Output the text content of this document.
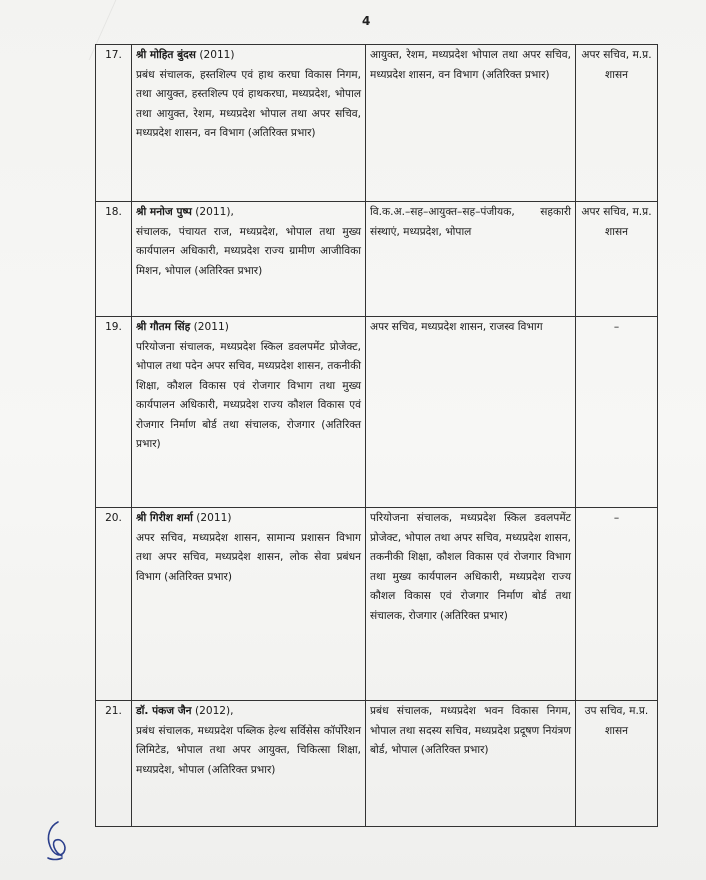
4
17.	श्री मोहित बुंदस (2011)
प्रबंध संचालक, हस्तशिल्प एवं हाथ करघा विकास निगम, तथा आयुक्त, हस्तशिल्प एवं हाथकरघा, मध्यप्रदेश, भोपाल तथा आयुक्त, रेशम, मध्यप्रदेश भोपाल तथा अपर सचिव, मध्यप्रदेश शासन, वन विभाग (अतिरिक्त प्रभार)	आयुक्त, रेशम, मध्यप्रदेश भोपाल तथा अपर सचिव, मध्यप्रदेश शासन, वन विभाग (अतिरिक्त प्रभार)	अपर सचिव, म.प्र. शासन
18.	श्री मनोज पुष्प (2011),
संचालक, पंचायत राज, मध्यप्रदेश, भोपाल तथा मुख्य कार्यपालन अधिकारी, मध्यप्रदेश राज्य ग्रामीण आजीविका मिशन, भोपाल (अतिरिक्त प्रभार)	वि.क.अ.–सह–आयुक्त–सह–पंजीयक, सहकारी संस्थाएं, मध्यप्रदेश, भोपाल	अपर सचिव, म.प्र. शासन
19.	श्री गौतम सिंह (2011)
परियोजना संचालक, मध्यप्रदेश स्किल डवलपमेंट प्रोजेक्ट, भोपाल तथा पदेन अपर सचिव, मध्यप्रदेश शासन, तकनीकी शिक्षा, कौशल विकास एवं रोजगार विभाग तथा मुख्य कार्यपालन अधिकारी, मध्यप्रदेश राज्य कौशल विकास एवं रोजगार निर्माण बोर्ड तथा संचालक, रोजगार (अतिरिक्त प्रभार)	अपर सचिव, मध्यप्रदेश शासन, राजस्व विभाग	–
20.	श्री गिरीश शर्मा (2011)
अपर सचिव, मध्यप्रदेश शासन, सामान्य प्रशासन विभाग तथा अपर सचिव, मध्यप्रदेश शासन, लोक सेवा प्रबंधन विभाग (अतिरिक्त प्रभार)	परियोजना संचालक, मध्यप्रदेश स्किल डवलपमेंट प्रोजेक्ट, भोपाल तथा अपर सचिव, मध्यप्रदेश शासन, तकनीकी शिक्षा, कौशल विकास एवं रोजगार विभाग तथा मुख्य कार्यपालन अधिकारी, मध्यप्रदेश राज्य कौशल विकास एवं रोजगार निर्माण बोर्ड तथा संचालक, रोजगार (अतिरिक्त प्रभार)	–
21.	डॉ. पंकज जैन (2012),
प्रबंध संचालक, मध्यप्रदेश पब्लिक हेल्थ सर्विसेस कॉर्पोरेशन लिमिटेड, भोपाल तथा अपर आयुक्त, चिकित्सा शिक्षा, मध्यप्रदेश, भोपाल (अतिरिक्त प्रभार)	प्रबंध संचालक, मध्यप्रदेश भवन विकास निगम, भोपाल तथा सदस्य सचिव, मध्यप्रदेश प्रदूषण नियंत्रण बोर्ड, भोपाल (अतिरिक्त प्रभार)	उप सचिव, म.प्र. शासन
